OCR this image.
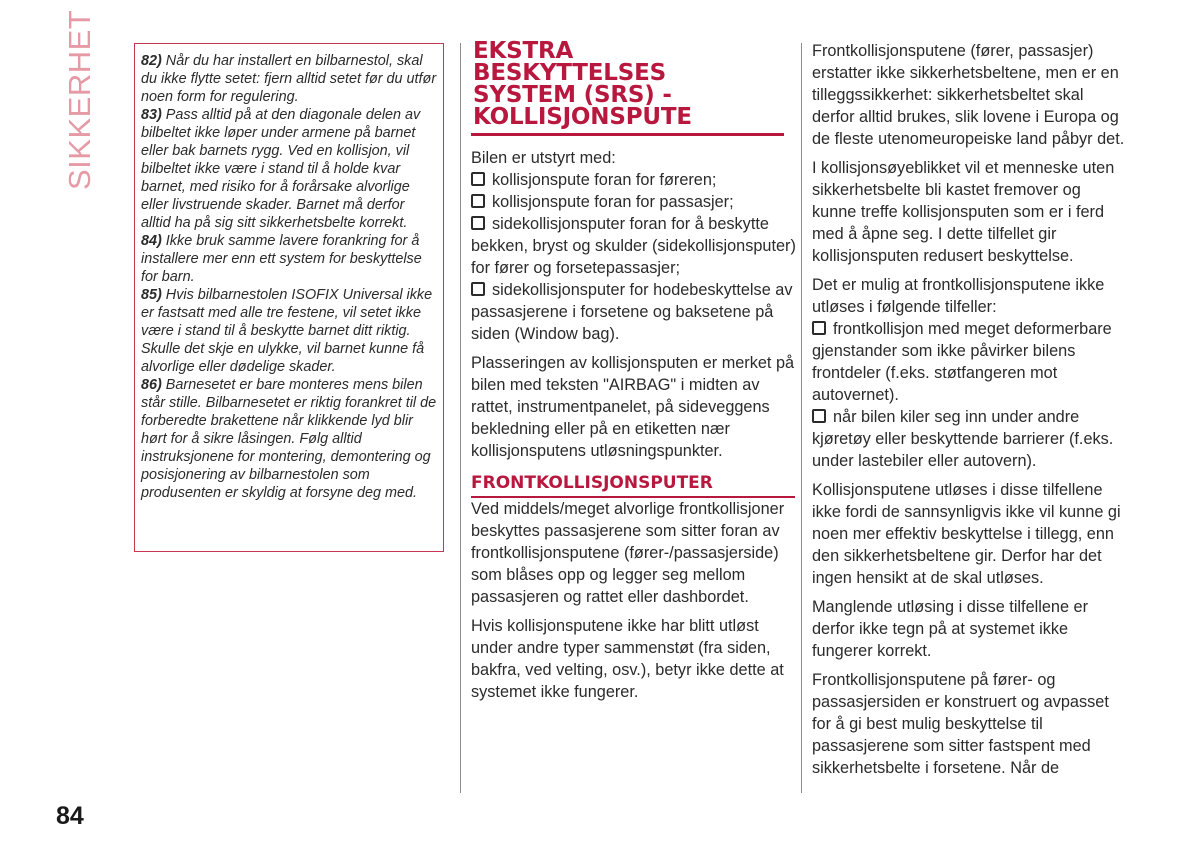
SIKKERHET	82) Når du har installert en bilbarnestol, skal du ikke flytte setet: fjern alltid setet før du utfør noen form for regulering.

83) Pass alltid på at den diagonale delen av bilbeltet ikke løper under armene på barnet eller bak barnets rygg. Ved en kollisjon, vil bilbeltet ikke være i stand til å holde kvar barnet, med risiko for å forårsake alvorlige eller livstruende skader. Barnet må derfor alltid ha på sig sitt sikkerhetsbelte korrekt.

84) Ikke bruk samme lavere forankring for å installere mer enn ett system for beskyttelse for barn.

85) Hvis bilbarnestolen ISOFIX Universal ikke er fastsatt med alle tre festene, vil setet ikke være i stand til å beskytte barnet ditt riktig. Skulle det skje en ulykke, vil barnet kunne få alvorlige eller dødelige skader.

86) Barnesetet er bare monteres mens bilen står stille. Bilbarnesetet er riktig forankret til de forberedte brakettene når klikkende lyd blir hørt for å sikre låsingen. Følg alltid instruksjonene for montering, demontering og posisjonering av bilbarnestolen som produsenten er skyldig at forsyne deg med.

EKSTRA
BESKYTTELSES
SYSTEM (SRS) -
KOLLISJONSPUTE

Bilen er utstyrt med:

kollisjonspute foran for føreren;

kollisjonspute foran for passasjer;

sidekollisjonsputer foran for å beskytte bekken, bryst og skulder (sidekollisjonsputer) for fører og forsetepassasjer;

sidekollisjonsputer for hodebeskyttelse av passasjerene i forsetene og baksetene på siden (Window bag).

Plasseringen av kollisjonsputen er merket på bilen med teksten "AIRBAG" i midten av rattet, instrumentpanelet, på sideveggens bekledning eller på en etiketten nær kollisjonsputens utløsningspunkter.

FRONTKOLLISJONSPUTER

Ved middels/meget alvorlige frontkollisjoner beskyttes passasjerene som sitter foran av frontkollisjonsputene (fører-/passasjerside) som blåses opp og legger seg mellom passasjeren og rattet eller dashbordet.

Hvis kollisjonsputene ikke har blitt utløst under andre typer sammenstøt (fra siden, bakfra, ved velting, osv.), betyr ikke dette at systemet ikke fungerer.

Frontkollisjonsputene (fører, passasjer) erstatter ikke sikkerhetsbeltene, men er en tilleggssikkerhet: sikkerhetsbeltet skal derfor alltid brukes, slik lovene i Europa og de fleste utenomeuropeiske land påbyr det.

I kollisjonsøyeblikket vil et menneske uten sikkerhetsbelte bli kastet fremover og kunne treffe kollisjonsputen som er i ferd med å åpne seg. I dette tilfellet gir kollisjonsputen redusert beskyttelse.

Det er mulig at frontkollisjonsputene ikke utløses i følgende tilfeller:

frontkollisjon med meget deformerbare gjenstander som ikke påvirker bilens frontdeler (f.eks. støtfangeren mot autovernet).

når bilen kiler seg inn under andre kjøretøy eller beskyttende barrierer (f.eks. under lastebiler eller autovern).

Kollisjonsputene utløses i disse tilfellene ikke fordi de sannsynligvis ikke vil kunne gi noen mer effektiv beskyttelse i tillegg, enn den sikkerhetsbeltene gir. Derfor har det ingen hensikt at de skal utløses.

Manglende utløsing i disse tilfellene er derfor ikke tegn på at systemet ikke fungerer korrekt.

Frontkollisjonsputene på fører- og passasjersiden er konstruert og avpasset for å gi best mulig beskyttelse til passasjerene som sitter fastspent med sikkerhetsbelte i forsetene. Når de

84
